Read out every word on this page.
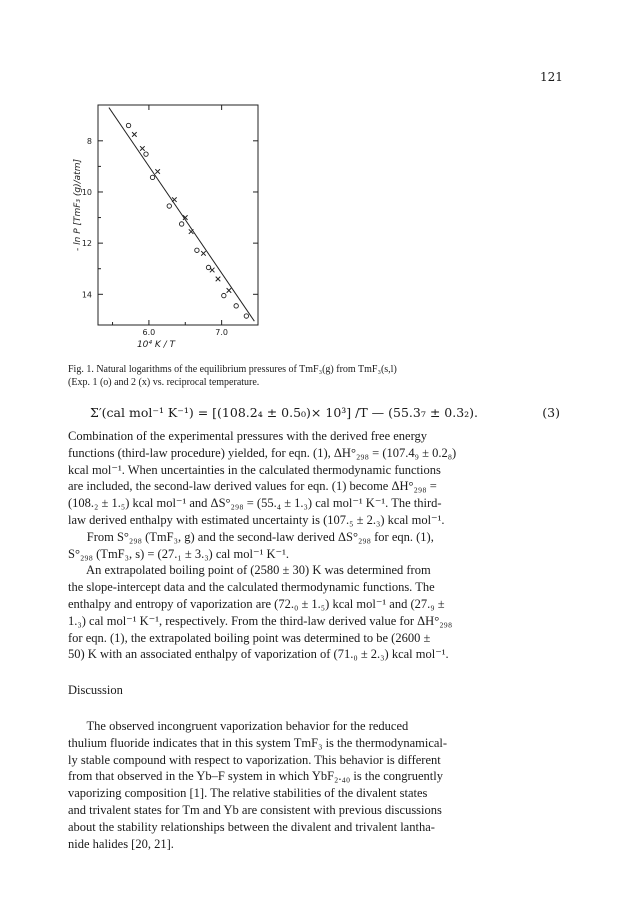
121
8
10
12
14
6.0	7.0
10⁴ K / T
- ln P [TmF₃ (g)/atm]
Fig. 1. Natural logarithms of the equilibrium pressures of TmF₃(g) from TmF₃(s,l)
(Exp. 1 (o) and 2 (x) vs. reciprocal temperature.
Σ′(cal mol⁻¹ K⁻¹) = [(108.2₄ ± 0.5₀)× 10³] /T — (55.3₇ ± 0.3₂).	(3)
Combination of the experimental pressures with the derived free energy
functions (third-law procedure) yielded, for eqn. (1), ΔH°₂₉₈ = (107.4₉ ± 0.2₈)
kcal mol⁻¹. When uncertainties in the calculated thermodynamic functions
are included, the second-law derived values for eqn. (1) become ΔH°₂₉₈ =
(108.₂ ± 1.₅) kcal mol⁻¹ and ΔS°₂₉₈ = (55.₄ ± 1.₃) cal mol⁻¹ K⁻¹. The third-
law derived enthalpy with estimated uncertainty is (107.₅ ± 2.₃) kcal mol⁻¹.
From S°₂₉₈ (TmF₃, g) and the second-law derived ΔS°₂₉₈ for eqn. (1),
S°₂₉₈ (TmF₃, s) = (27.₁ ± 3.₃) cal mol⁻¹ K⁻¹.
An extrapolated boiling point of (2580 ± 30) K was determined from
the slope-intercept data and the calculated thermodynamic functions. The
enthalpy and entropy of vaporization are (72.₀ ± 1.₅) kcal mol⁻¹ and (27.₉ ±
1.₃) cal mol⁻¹ K⁻¹, respectively. From the third-law derived value for ΔH°₂₉₈
for eqn. (1), the extrapolated boiling point was determined to be (2600 ±
50) K with an associated enthalpy of vaporization of (71.₀ ± 2.₃) kcal mol⁻¹.
Discussion
The observed incongruent vaporization behavior for the reduced
thulium fluoride indicates that in this system TmF₃ is the thermodynamical-
ly stable compound with respect to vaporization. This behavior is different
from that observed in the Yb–F system in which YbF₂.₄₀ is the congruently
vaporizing composition [1]. The relative stabilities of the divalent states
and trivalent states for Tm and Yb are consistent with previous discussions
about the stability relationships between the divalent and trivalent lantha-
nide halides [20, 21].
